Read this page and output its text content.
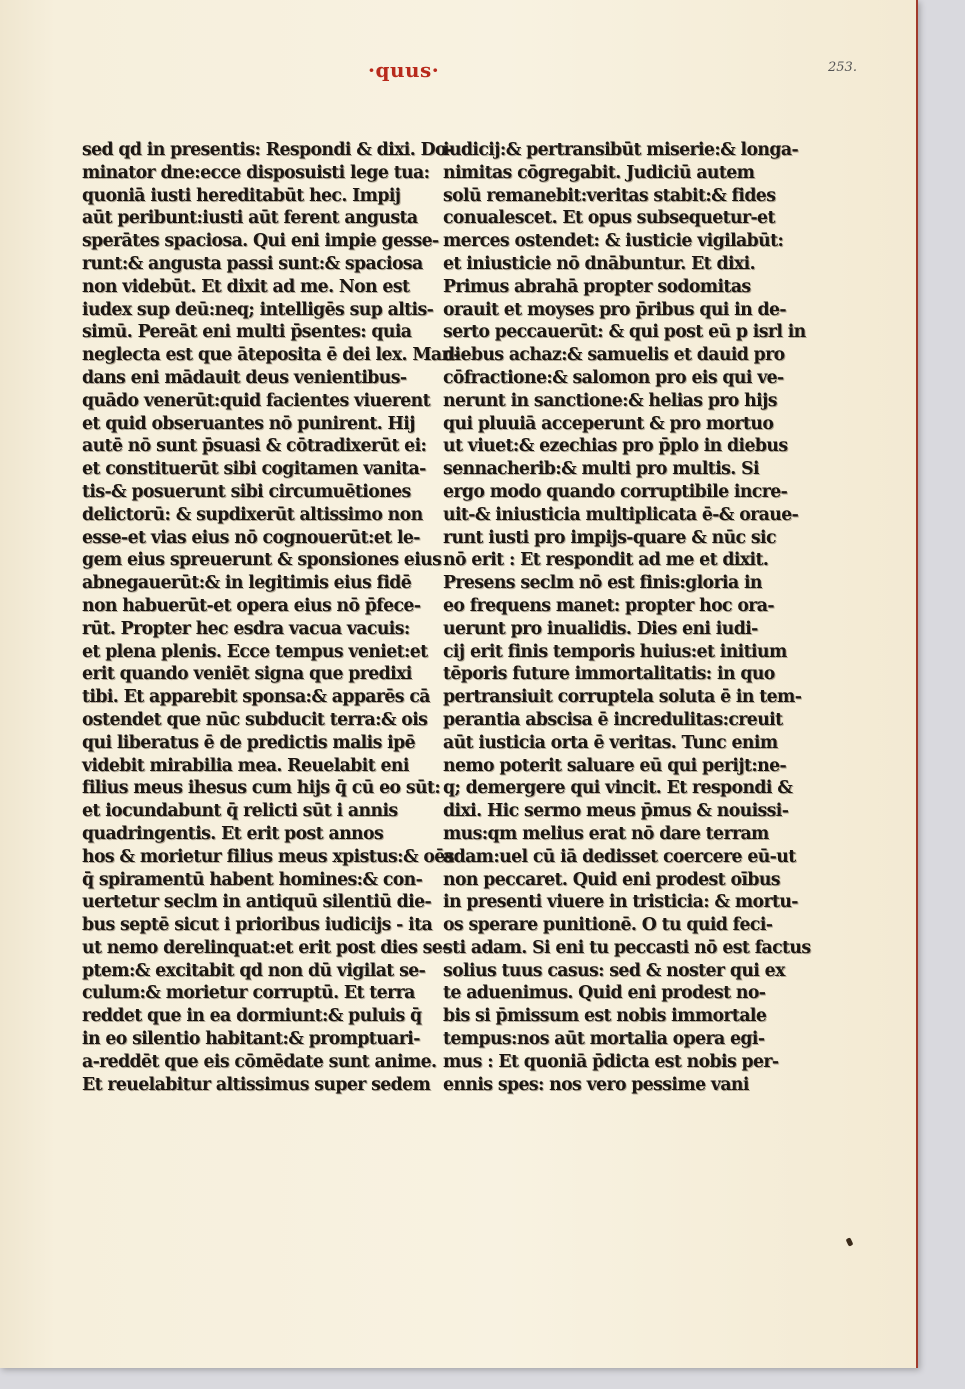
·quus·	253.
sed qd in presentis: Respondi & dixi. Do-
minator dne:ecce disposuisti lege tua:
quoniā iusti hereditabūt hec. Impij
aūt peribunt:iusti aūt ferent angusta
sperātes spaciosa. Qui eni impie gesse-
runt:& angusta passi sunt:& spaciosa
non videbūt. Et dixit ad me. Non est
iudex sup deū:neq; intelligēs sup altis-
simū. Pereāt eni multi p̄sentes: quia
neglecta est que āteposita ē dei lex. Man-
dans eni mādauit deus venientibus-
quādo venerūt:quid facientes viuerent
et quid obseruantes nō punirent. Hij
autē nō sunt p̄suasi & cōtradixerūt ei:
et constituerūt sibi cogitamen vanita-
tis-& posuerunt sibi circumuētiones
delictorū: & supdixerūt altissimo non
esse-et vias eius nō cognouerūt:et le-
gem eius spreuerunt & sponsiones eius
abnegauerūt:& in legitimis eius fidē
non habuerūt-et opera eius nō p̄fece-
rūt. Propter hec esdra vacua vacuis:
et plena plenis. Ecce tempus veniet:et
erit quando veniēt signa que predixi
tibi. Et apparebit sponsa:& apparēs cā
ostendet que nūc subducit terra:& ois
qui liberatus ē de predictis malis ipē
videbit mirabilia mea. Reuelabit eni
filius meus ihesus cum hijs q̄ cū eo sūt:
et iocundabunt q̄ relicti sūt i annis
quadringentis. Et erit post annos
hos & morietur filius meus xpistus:& oēs
q̄ spiramentū habent homines:& con-
uertetur seclm in antiquū silentiū die-
bus septē sicut i prioribus iudicijs - ita
ut nemo derelinquat:et erit post dies se-
ptem:& excitabit qd non dū vigilat se-
culum:& morietur corruptū. Et terra
reddet que in ea dormiunt:& puluis q̄
in eo silentio habitant:& promptuari-
a-reddēt que eis cōmēdate sunt anime.
Et reuelabitur altissimus super sedem
iudicij:& pertransibūt miserie:& longa-
nimitas cōgregabit. Judiciū autem
solū remanebit:veritas stabit:& fides
conualescet. Et opus subsequetur-et
merces ostendet: & iusticie vigilabūt:
et iniusticie nō dnābuntur. Et dixi.
Primus abrahā propter sodomitas
orauit et moyses pro p̄ribus qui in de-
serto peccauerūt: & qui post eū p isrl in
diebus achaz:& samuelis et dauid pro
cōfractione:& salomon pro eis qui ve-
nerunt in sanctione:& helias pro hijs
qui pluuiā acceperunt & pro mortuo
ut viuet:& ezechias pro p̄plo in diebus
sennacherib:& multi pro multis. Si
ergo modo quando corruptibile incre-
uit-& iniusticia multiplicata ē-& oraue-
runt iusti pro impijs-quare & nūc sic
nō erit : Et respondit ad me et dixit.
Presens seclm nō est finis:gloria in
eo frequens manet: propter hoc ora-
uerunt pro inualidis. Dies eni iudi-
cij erit finis temporis huius:et initium
tēporis future immortalitatis: in quo
pertransiuit corruptela soluta ē in tem-
perantia abscisa ē incredulitas:creuit
aūt iusticia orta ē veritas. Tunc enim
nemo poterit saluare eū qui perijt:ne-
q; demergere qui vincit. Et respondi &
dixi. Hic sermo meus p̄mus & nouissi-
mus:qm melius erat nō dare terram
adam:uel cū iā dedisset coercere eū-ut
non peccaret. Quid eni prodest oībus
in presenti viuere in tristicia: & mortu-
os sperare punitionē. O tu quid feci-
sti adam. Si eni tu peccasti nō est factus
solius tuus casus: sed & noster qui ex
te aduenimus. Quid eni prodest no-
bis si p̄missum est nobis immortale
tempus:nos aūt mortalia opera egi-
mus : Et quoniā p̄dicta est nobis per-
ennis spes: nos vero pessime vani
